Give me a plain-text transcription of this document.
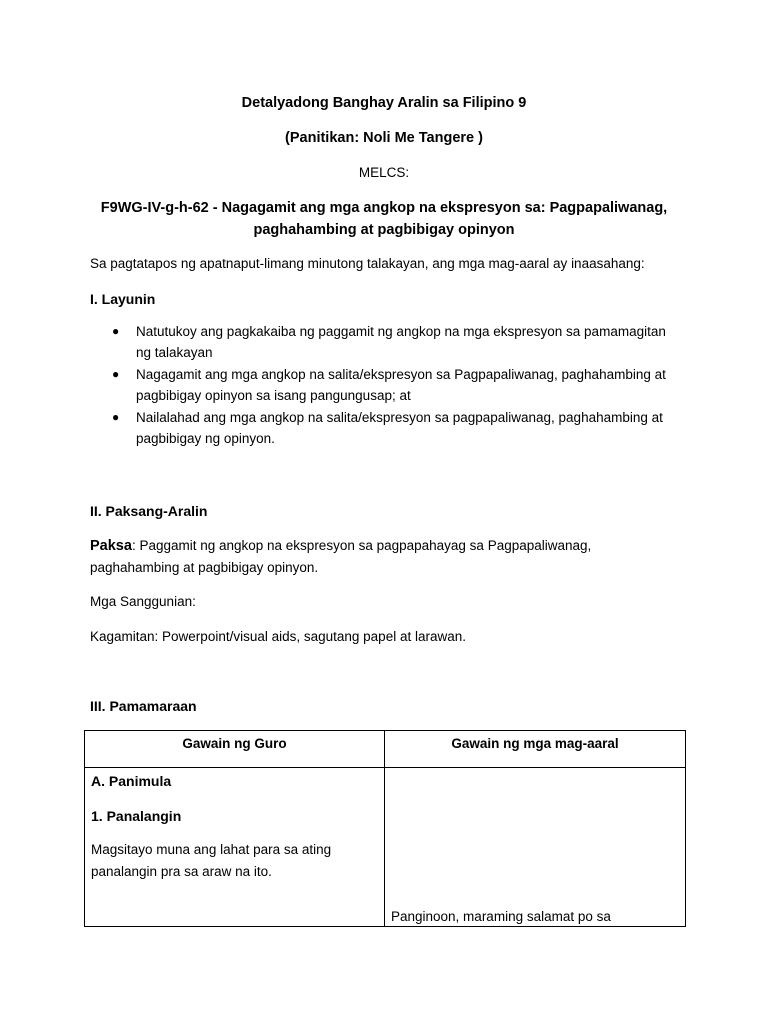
Detalyadong Banghay Aralin sa Filipino 9
(Panitikan: Noli Me Tangere )
MELCS:
F9WG-IV-g-h-62 - Nagagamit ang mga angkop na ekspresyon sa: Pagpapaliwanag,
paghahambing at pagbibigay opinyon
Sa pagtatapos ng apatnaput-limang minutong talakayan, ang mga mag-aaral ay inaasahang:
I. Layunin
● Natutukoy ang pagkakaiba ng paggamit ng angkop na mga ekspresyon sa pamamagitan
ng talakayan
● Nagagamit ang mga angkop na salita/ekspresyon sa Pagpapaliwanag, paghahambing at
pagbibigay opinyon sa isang pangungusap; at
● Nailalahad ang mga angkop na salita/ekspresyon sa pagpapaliwanag, paghahambing at
pagbibigay ng opinyon.
II. Paksang-Aralin
Paksa: Paggamit ng angkop na ekspresyon sa pagpapahayag sa Pagpapaliwanag,
paghahambing at pagbibigay opinyon.
Mga Sanggunian:
Kagamitan: Powerpoint/visual aids, sagutang papel at larawan.
III. Pamamaraan
Gawain ng Guro	Gawain ng mga mag-aaral

A. Panimula
1. Panalangin
Magsitayo muna ang lahat para sa ating
panalangin pra sa araw na ito.	Panginoon, maraming salamat po sa
